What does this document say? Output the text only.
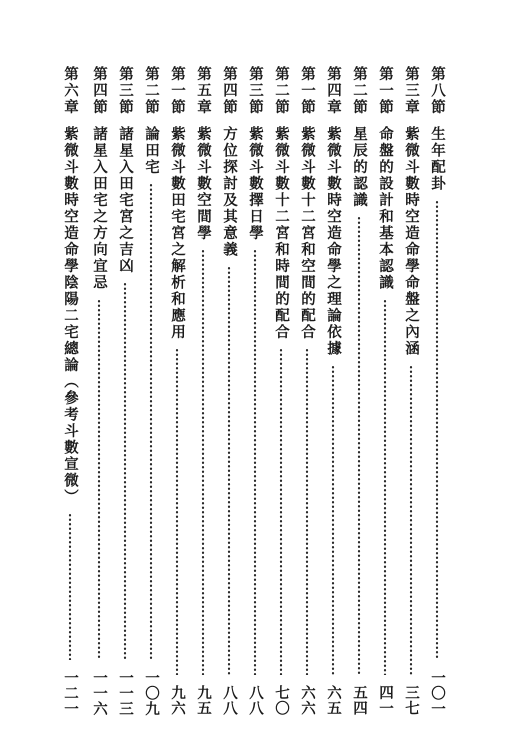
第八節
生年配卦
一〇一
第三章
紫微斗數時空造命學命盤之內涵
三七
第一節
命盤的設計和基本認識
四一
第二節
星辰的認識
五四
第四章
紫微斗數時空造命學之理論依據
六五
第一節
紫微斗數十二宮和空間的配合
六六
第二節
紫微斗數十二宮和時間的配合
七〇
第三節
紫微斗數擇日學
八八
第四節
方位探討及其意義
八八
第五章
紫微斗數空間學
九五
第一節
紫微斗數田宅宮之解析和應用
九六
第二節
論田宅
一〇九
第三節
諸星入田宅宮之吉凶
一一三
第四節
諸星入田宅之方向宜忌
一一六
第六章
紫微斗數時空造命學陰陽二宅總論（參考斗數宣微）
一二一
